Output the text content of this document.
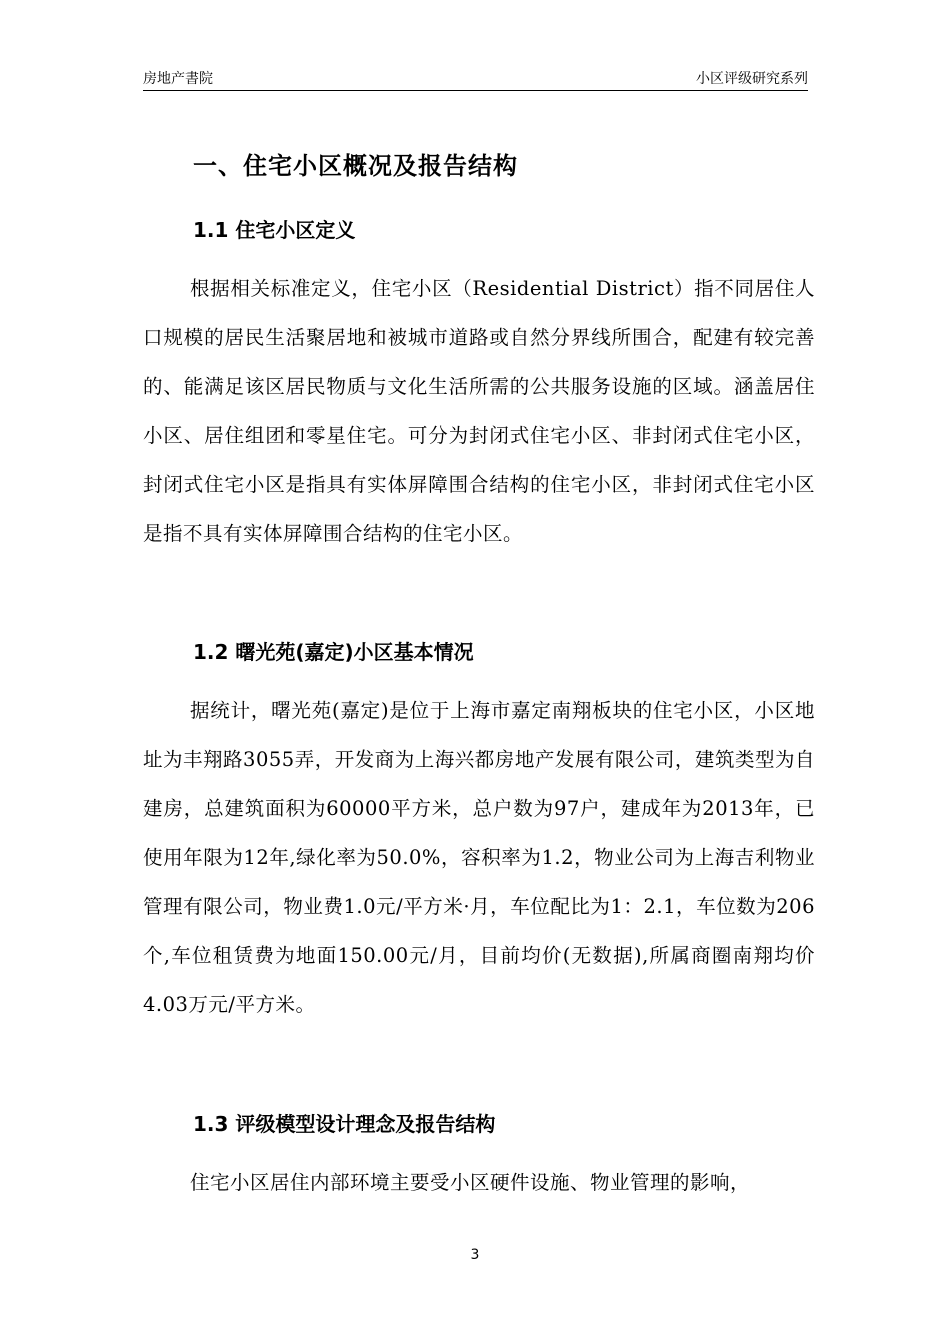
房地产書院	小区评级研究系列
一、住宅小区概况及报告结构
1.1 住宅小区定义

根据相关标准定义，住宅小区（Residential District）指不同居住人口规模的居民生活聚居地和被城市道路或自然分界线所围合，配建有较完善的、能满足该区居民物质与文化生活所需的公共服务设施的区域。涵盖居住小区、居住组团和零星住宅。可分为封闭式住宅小区、非封闭式住宅小区，封闭式住宅小区是指具有实体屏障围合结构的住宅小区，非封闭式住宅小区是指不具有实体屏障围合结构的住宅小区。

1.2 曙光苑(嘉定)小区基本情况

据统计，曙光苑(嘉定)是位于上海市嘉定南翔板块的住宅小区，小区地址为丰翔路3055弄，开发商为上海兴都房地产发展有限公司，建筑类型为自建房，总建筑面积为60000平方米，总户数为97户，建成年为2013年，已使用年限为12年,绿化率为50.0%，容积率为1.2，物业公司为上海吉利物业管理有限公司，物业费1.0元/平方米·月，车位配比为1：2.1，车位数为206个,车位租赁费为地面150.00元/月，目前均价(无数据),所属商圈南翔均价4.03万元/平方米。

1.3 评级模型设计理念及报告结构

住宅小区居住内部环境主要受小区硬件设施、物业管理的影响，

3
